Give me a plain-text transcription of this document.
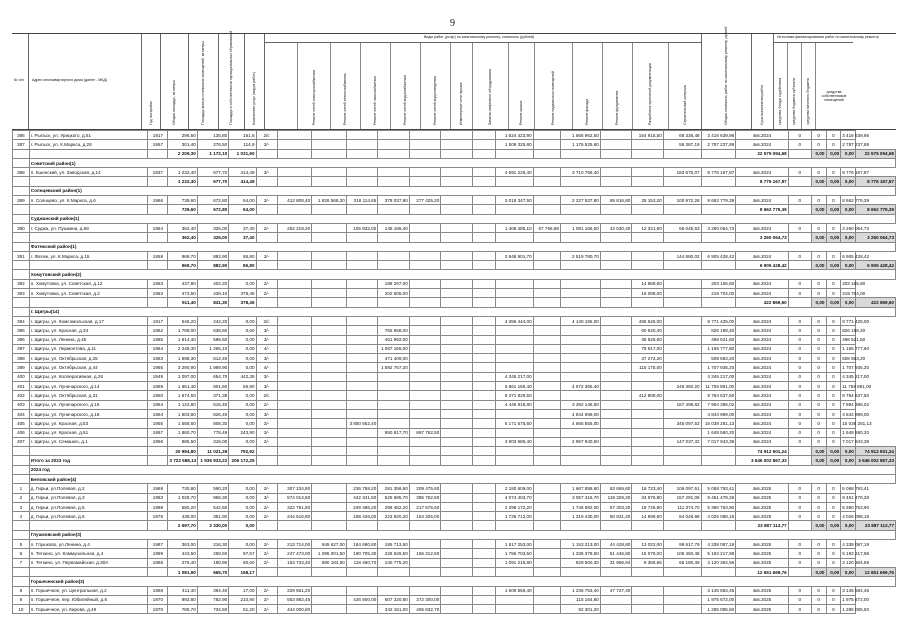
9
Виды работ (услуг) по капитальному ремонту, стоимость (рублей)	Источники финансирования работ по капитальному ремонту
№ п/п Адрес многоквартирного дома (далее - МКД)
Год постройки	Общая площадь, кв.метры	Площадь жилых и нежилых помещений, кв.метры	Площадь в собственности муниципальных образований	Количество услуг (видов работ)	Ремонт сетей электроснабжения	Ремонт сетей теплоснабжения	Ремонт сетей газоснабжения	Ремонт сетей водоснабжения	Ремонт сетей водоотведения	Инженерные сети прочие	Замена лифтового оборудования	Ремонт крыши	Ремонт подвальных помещений	Ремонт фасада	Ремонт фундамента	Разработка проектной документации	Строительный контроль	Общая стоимость работ по капитальному ремонту, рублей	Срок выполнения работ	средства Фонда содействия	средства бюджета субъекта	средства местного бюджета	средства собственников помещений
386	г. Рыльск, ул. Урицкого, д.51	1917	296,50	135,80	161,6	2/с								1 624 423,90		1 566 962,50		154 915,50	68 336,48	3 416 639,96	4кв.2024	0	0	0	3 416 639,96	
387	г. Рыльск, ул. К.Маркса, д.28	1957	301,40	276,50	114,9	2/-								1 509 325,80		1 176 525,60			58 387,19	2 787 237,89	4кв.2024	0	0	0	2 787 237,89	
			2 209,30	1 172,10	1 031,60																22 575 094,68		0,00	0,00	0,00	22 575 094,68
	Советский район(1)																									
388	п. Кшенский, ул. Заводская, д.14	1937	1 232,40	677,70	414,49	3/-								4 591 226,40		3 710 756,40			183 675,07	8 776 167,87	4кв.2024	0	0	0	8 776 167,87	
			1 232,40	677,70	414,49																8 776 167,87		0,00	0,00	0,00	8 776 167,87
	Солнцевский район(1)																									
389	п. Солнцево, ул. К.Маркса, д.6	1966	739,60	672,80	64,00	2/-	412 808,40	1 826 568,20	318 114,65	378 037,80	277 425,20			3 018 347,50		2 227 537,80	65 816,80	25 153,20	100 972,28	8 662 779,39	4кв.2024	0	0	0	8 662 779,39	
			739,60	672,80	64,00																8 662 779,39		0,00	0,00	0,00	8 662 779,39
	Суджанский район(1)																									
390	г. Суджа, ул. Пушкина, д.58	1964	362,40	325,00	37,40	2/-	262 219,20		155 932,00	145 186,40				1 408 485,10	67 766,88	1 091 166,50	42 030,40	12 321,60	66 045,53	3 260 064,73	4кв.2024	0	0	0	3 260 064,73	
			362,40	325,00	37,40																3 260 064,73		0,00	0,00	0,00	3 260 064,73
	Фатежский район(1)																									
391	г. Фатеж, ул. К.Маркса, д.15	1959	969,70	882,90	86,80	2/-								3 848 901,70		2 519 780,70			144 680,02	6 905 428,42	4кв.2024	0	0	0	6 905 428,42	
			969,70	882,90	86,80																6 905 428,42		0,00	0,00	0,00	6 905 428,42
	Хомутовский район(2)																									
392	п. Хомутовка, ул. Советская, д.12	1963	437,90	402,20	0,00	2/-				188 297,00								14 868,60		203 165,60	4кв.2024	0	0	0	203 165,60	
393	п. Хомутовка, ул. Советская, д.2	1963	473,50	439,10	378,45	2/-				202 605,00								16 098,00		219 704,00	4кв.2024	0	0	0	219 704,00	
			911,40	841,30	378,45																422 869,60		0,00	0,00	0,00	422 869,60
	г. Щигры(14)																									
394	г. Щигры, ул. Комсомольская, д.17	1917	546,20	242,20	0,00	2/с								4 356 444,00		4 140 155,00		465 626,00		8 771 425,00	4кв.2024	0	0	0	8 771 425,00	
395	г. Щигры, ул. Красная, д.34	1962	1 789,00	638,60	0,60	3/-				765 658,00								60 540,40		826 198,40	4кв.2024	0	0	0	826 198,40	
396	г. Щигры, ул. Ленина, д.45	1985	1 614,40	596,50	0,00	3/-				461 992,00								36 529,60		498 521,60	4кв.2024	0	0	0	498 521,60	
397	г. Щигры, ул. Лермонтова, д.11	1964	2 248,30	1 265,10	0,00	4/-				1 087 165,00								78 617,00		1 165 777,60	4кв.2024	0	0	0	1 165 777,60	
398	г. Щигры, ул. Октябрьская, д.25	1963	1 698,30	612,40	0,00	3/-				471 409,00								37 274,20		508 683,20	4кв.2024	0	0	0	508 683,20	
399	г. Щигры, ул. Октябрьская, д.44	1965	3 290,90	1 989,90	0,00	4/-				1 592 757,20								115 175,00		1 707 935,20	4кв.2024	0	0	0	1 707 935,20	
400	г. Щигры, ул. Кооперативная, д.26	1949	1 097,00	654,70	442,39	3/-								4 345 217,00						4 345 217,00	4кв.2024	0	0	0	4 345 217,00	
401	г. Щигры, ул. Луначарского, д.14	1959	1 651,40	801,60	56,90	3/-								5 861 165,40		4 672 365,40			246 360,20	11 759 891,00	4кв.2024	0	0	0	11 759 891,00	
402	г. Щигры, ул. Октябрьская, д.31	1950	1 674,50	371,39	0,00	2/с								8 371 829,50				412 808,00		8 784 637,50	4кв.2024	0	0	0	8 784 637,50	
403	г. Щигры, ул. Луначарского, д.16	1954	1 122,80	615,40	0,00	2/-								4 446 918,80		3 392 146,60			167 498,82	7 994 386,02	4кв.2024	0	0	0	7 994 386,02	
404	г. Щигры, ул. Луначарского, д.18	1954	1 603,80	826,40	0,00	3/-										4 844 999,00				4 844 999,00	4кв.2024	0	0	0	4 844 999,00	
405	г. Щигры, ул. Красная, д.53	1955	1 558,60	808,30	0,00	3/-			3 850 652,40					5 171 575,60		4 665 855,00			345 097,53	15 038 281,13	4кв.2024	0	0	0	15 038 281,13	
406	г. Щигры, ул. Красная, д.51	1957	1 860,70	778,49	243,90	3/-				950 817,70	697 762,50									1 648 580,20	4кв.2024	0	0	0	1 648 580,20	
407	г. Щигры, ул. Семашко, д.1	1956	985,50	316,00	0,00	2/-								3 903 686,40		2 967 940,50			147 037,32	7 017 943,39	4кв.2024	0	0	0	7 017 943,39	
			20 994,80	11 021,39	792,92																74 912 501,24		0,00	0,00	0,00	74 912 501,24
	Итого за 2023 год		3 722 588,13	1 935 933,22	206 172,25																3 646 002 867,33		0,00	0,00	0,00	3 646 002 867,33
	2024 год																									
	Беловский район(4)																									
1	д. Гирьи, ул.Полевая, д.2	1969	730,80	590,20	0,00	2/-	307 234,80		236 758,20	281 356,60	209 475,60			2 180 609,00		1 667 858,60	63 669,60	16 723,40	106 097,51	5 068 793,41	4кв.2025	0	0	0	5 068 793,41	
2	д. Гирьи, ул.Полевая, д.3	1983	1 028,70	958,30	0,00	3/-	574 014,60		442 341,50	525 685,70	385 762,50			4 074 403,70		3 057 415,70	119 329,20	34 975,80	157 291,08	9 451 478,28	4кв.2025	0	0	0	9 451 478,28	
3	д. Гирьи, ул.Полевая, д.5	1988	580,20	542,60	0,00	2/-	322 751,60		249 486,20	296 482,20	217 575,60			2 298 172,20		1 746 882,00	67 303,20	19 726,80	111 374,70	5 390 753,90	4кв.2025	0	0	0	5 390 753,90	
4	д. Гирьи, ул.Полевая, д.6	1976	438,00	351,90	0,00	2/-	244 516,80		188 426,00	223 920,20	164 325,00			1 735 712,00		1 319 430,00	50 831,20	14 898,60	84 048,98	4 026 088,18	4кв.2025	0	0	0	4 026 088,18	
			2 697,70	2 330,00	0,00																23 887 113,77		0,00	0,00	0,00	23 887 113,77
	Глушковский район(3)																									
5	п. Глушково, ул.Ленина, д.4	1987	363,00	216,30	0,00	2/-	213 714,00	945 627,00	164 690,80	195 713,60				1 517 253,00		1 153 213,00	44 428,80	13 022,00	99 617,79	4 338 087,19	4кв.2025	0	0	0	4 338 087,19	
6	п. Теткино, ул. Коммунальная, д.4	1989	443,50	258,50	97,57	2/-	247 473,00	1 095 001,50	190 705,30	226 628,50	166 312,50			1 756 703,50		1 335 378,50	51 446,80	15 079,00	108 450,48	5 193 217,98	4кв.2025	0	0	0	5 193 217,98	
7	п. Теткино, ул. Первомайская, д.30А	1968	275,40	190,90	60,60	2/-	153 733,40	680 184,60	118 460,70	140 775,20				1 091 216,80		829 500,30	31 956,84	9 366,66	65 180,49	3 120 364,59	4кв.2025	0	0	0	3 120 364,59	
			1 081,90	665,70	158,17																12 651 669,76		0,00	0,00	0,00	12 651 669,76
	Горшеченский район(3)																									
8	п. Горшечное, ул. Центральная, д.2	1968	411,40	394,40	17,00	2/-	229 561,20							1 609 556,40		1 236 753,40	47 727,40			3 145 584,45	4кв.2025	0	0	0	3 145 584,45	
9	п. Горшечное, пер. Юбилейный, д.6	1970	992,80	782,90	210,90	2/-	553 982,45		426 800,00	507 320,80	372 300,00					115 164,80				1 975 672,00	4кв.2025	0	0	0	1 975 672,00	
10	п. Горшечное, ул. Кирова, д.49	1970	785,70	734,50	51,20	2/-	444 000,80			342 151,00	406 632,70					92 301,20				1 285 085,50	4кв.2025	0	0	0	1 285 085,50	
